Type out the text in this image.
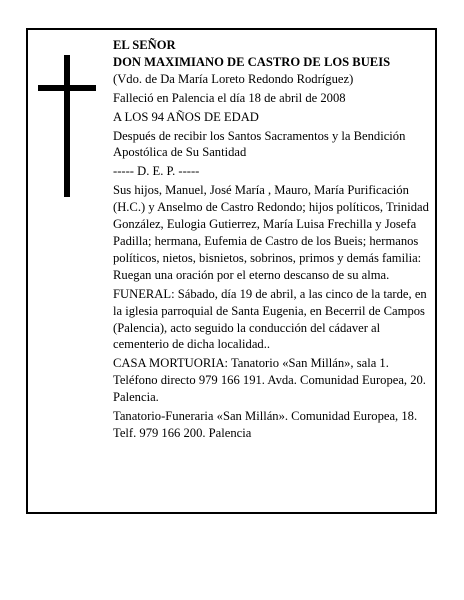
EL SEÑOR

DON MAXIMIANO DE CASTRO DE LOS BUEIS

(Vdo. de Da María Loreto Redondo Rodríguez)

Falleció en Palencia el día 18 de abril de 2008

A LOS 94 AÑOS DE EDAD

Después de recibir los Santos Sacramentos y la Bendición Apostólica de Su Santidad

----- D. E. P. -----

Sus hijos, Manuel, José María , Mauro, María Purificación (H.C.) y Anselmo de Castro Redondo; hijos políticos, Trinidad González, Eulogia Gutierrez, María Luisa Frechilla y Josefa Padilla; hermana, Eufemia de Castro de los Bueis; hermanos políticos, nietos, bisnietos, sobrinos, primos y demás familia: Ruegan una oración por el eterno descanso de su alma.

FUNERAL: Sábado, día 19 de abril, a las cinco de la tarde, en la iglesia parroquial de Santa Eugenia, en Becerril de Campos (Palencia), acto seguido la conducción del cádaver al cementerio de dicha localidad..

CASA MORTUORIA: Tanatorio «San Millán», sala 1. Teléfono directo 979 166 191. Avda. Comunidad Europea, 20. Palencia.

Tanatorio-Funeraria «San Millán». Comunidad Europea, 18. Telf. 979 166 200. Palencia
